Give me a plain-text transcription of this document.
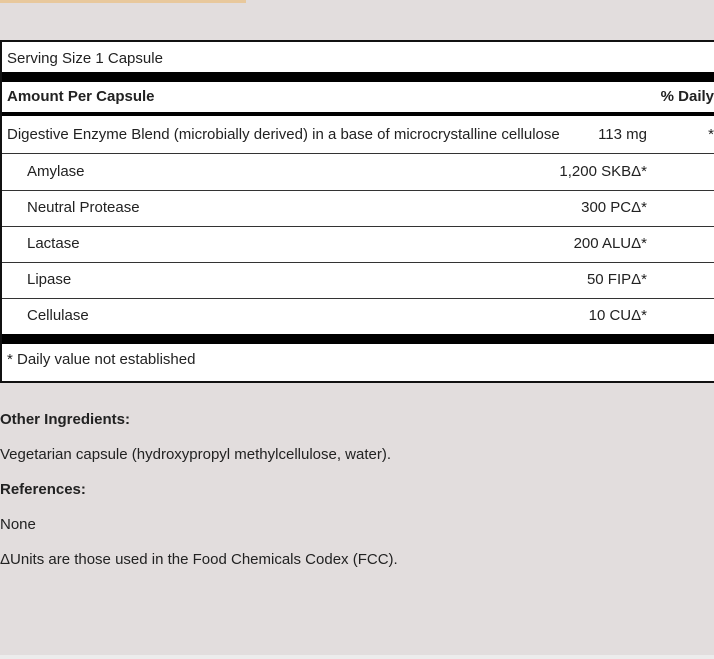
Serving Size 1 Capsule
Amount Per Capsule	% Daily
Digestive Enzyme Blend (microbially derived) in a base of microcrystalline cellulose	113 mg	*
Amylase	1,200 SKBΔ*
Neutral Protease	300 PCΔ*
Lactase	200 ALUΔ*
Lipase	50 FIPΔ*
Cellulase	10 CUΔ*
* Daily value not established
Other Ingredients:
Vegetarian capsule (hydroxypropyl methylcellulose, water).
References:
None
ΔUnits are those used in the Food Chemicals Codex (FCC).
